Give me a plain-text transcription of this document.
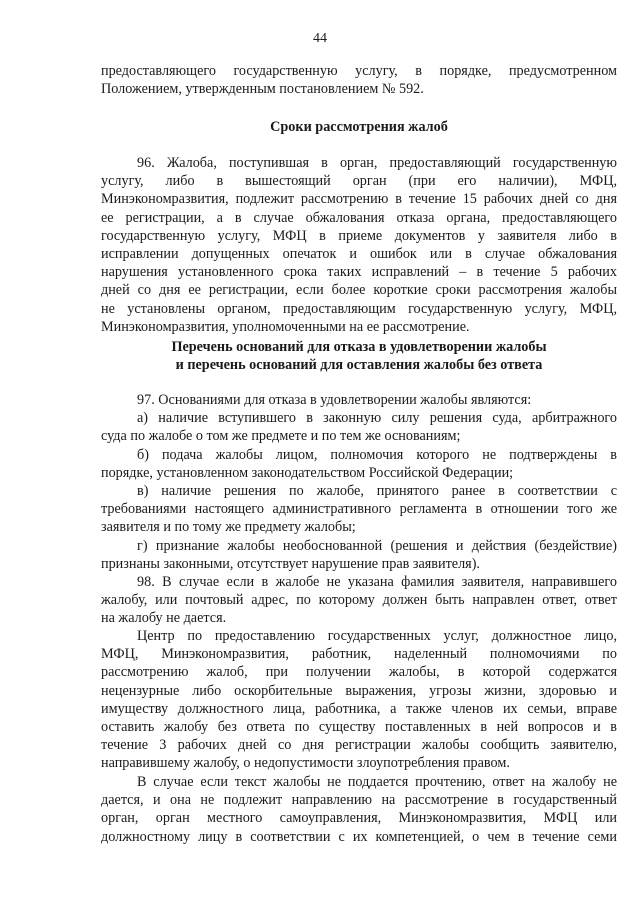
44
предоставляющего государственную услугу, в порядке, предусмотренном
Положением, утвержденным постановлением № 592.
Сроки рассмотрения жалоб
96. Жалоба, поступившая в орган, предоставляющий государственную
услугу, либо в вышестоящий орган (при его наличии), МФЦ,
Минэкономразвития, подлежит рассмотрению в течение 15 рабочих дней со дня
ее регистрации, а в случае обжалования отказа органа, предоставляющего
государственную услугу, МФЦ в приеме документов у заявителя либо в
исправлении допущенных опечаток и ошибок или в случае обжалования
нарушения установленного срока таких исправлений – в течение 5 рабочих
дней со дня ее регистрации, если более короткие сроки рассмотрения жалобы
не установлены органом, предоставляющим государственную услугу, МФЦ,
Минэкономразвития, уполномоченными на ее рассмотрение.
Перечень оснований для отказа в удовлетворении жалобы
и перечень оснований для оставления жалобы без ответа
97. Основаниями для отказа в удовлетворении жалобы являются:
а) наличие вступившего в законную силу решения суда, арбитражного
суда по жалобе о том же предмете и по тем же основаниям;
б) подача жалобы лицом, полномочия которого не подтверждены в
порядке, установленном законодательством Российской Федерации;
в) наличие решения по жалобе, принятого ранее в соответствии с
требованиями настоящего административного регламента в отношении того же
заявителя и по тому же предмету жалобы;
г) признание жалобы необоснованной (решения и действия (бездействие)
признаны законными, отсутствует нарушение прав заявителя).
98. В случае если в жалобе не указана фамилия заявителя, направившего
жалобу, или почтовый адрес, по которому должен быть направлен ответ, ответ
на жалобу не дается.
Центр по предоставлению государственных услуг, должностное лицо,
МФЦ, Минэкономразвития, работник, наделенный полномочиями по
рассмотрению жалоб, при получении жалобы, в которой содержатся
нецензурные либо оскорбительные выражения, угрозы жизни, здоровью и
имуществу должностного лица, работника, а также членов их семьи, вправе
оставить жалобу без ответа по существу поставленных в ней вопросов и в
течение 3 рабочих дней со дня регистрации жалобы сообщить заявителю,
направившему жалобу, о недопустимости злоупотребления правом.
В случае если текст жалобы не поддается прочтению, ответ на жалобу не
дается, и она не подлежит направлению на рассмотрение в государственный
орган, орган местного самоуправления, Минэкономразвития, МФЦ или
должностному лицу в соответствии с их компетенцией, о чем в течение семи
